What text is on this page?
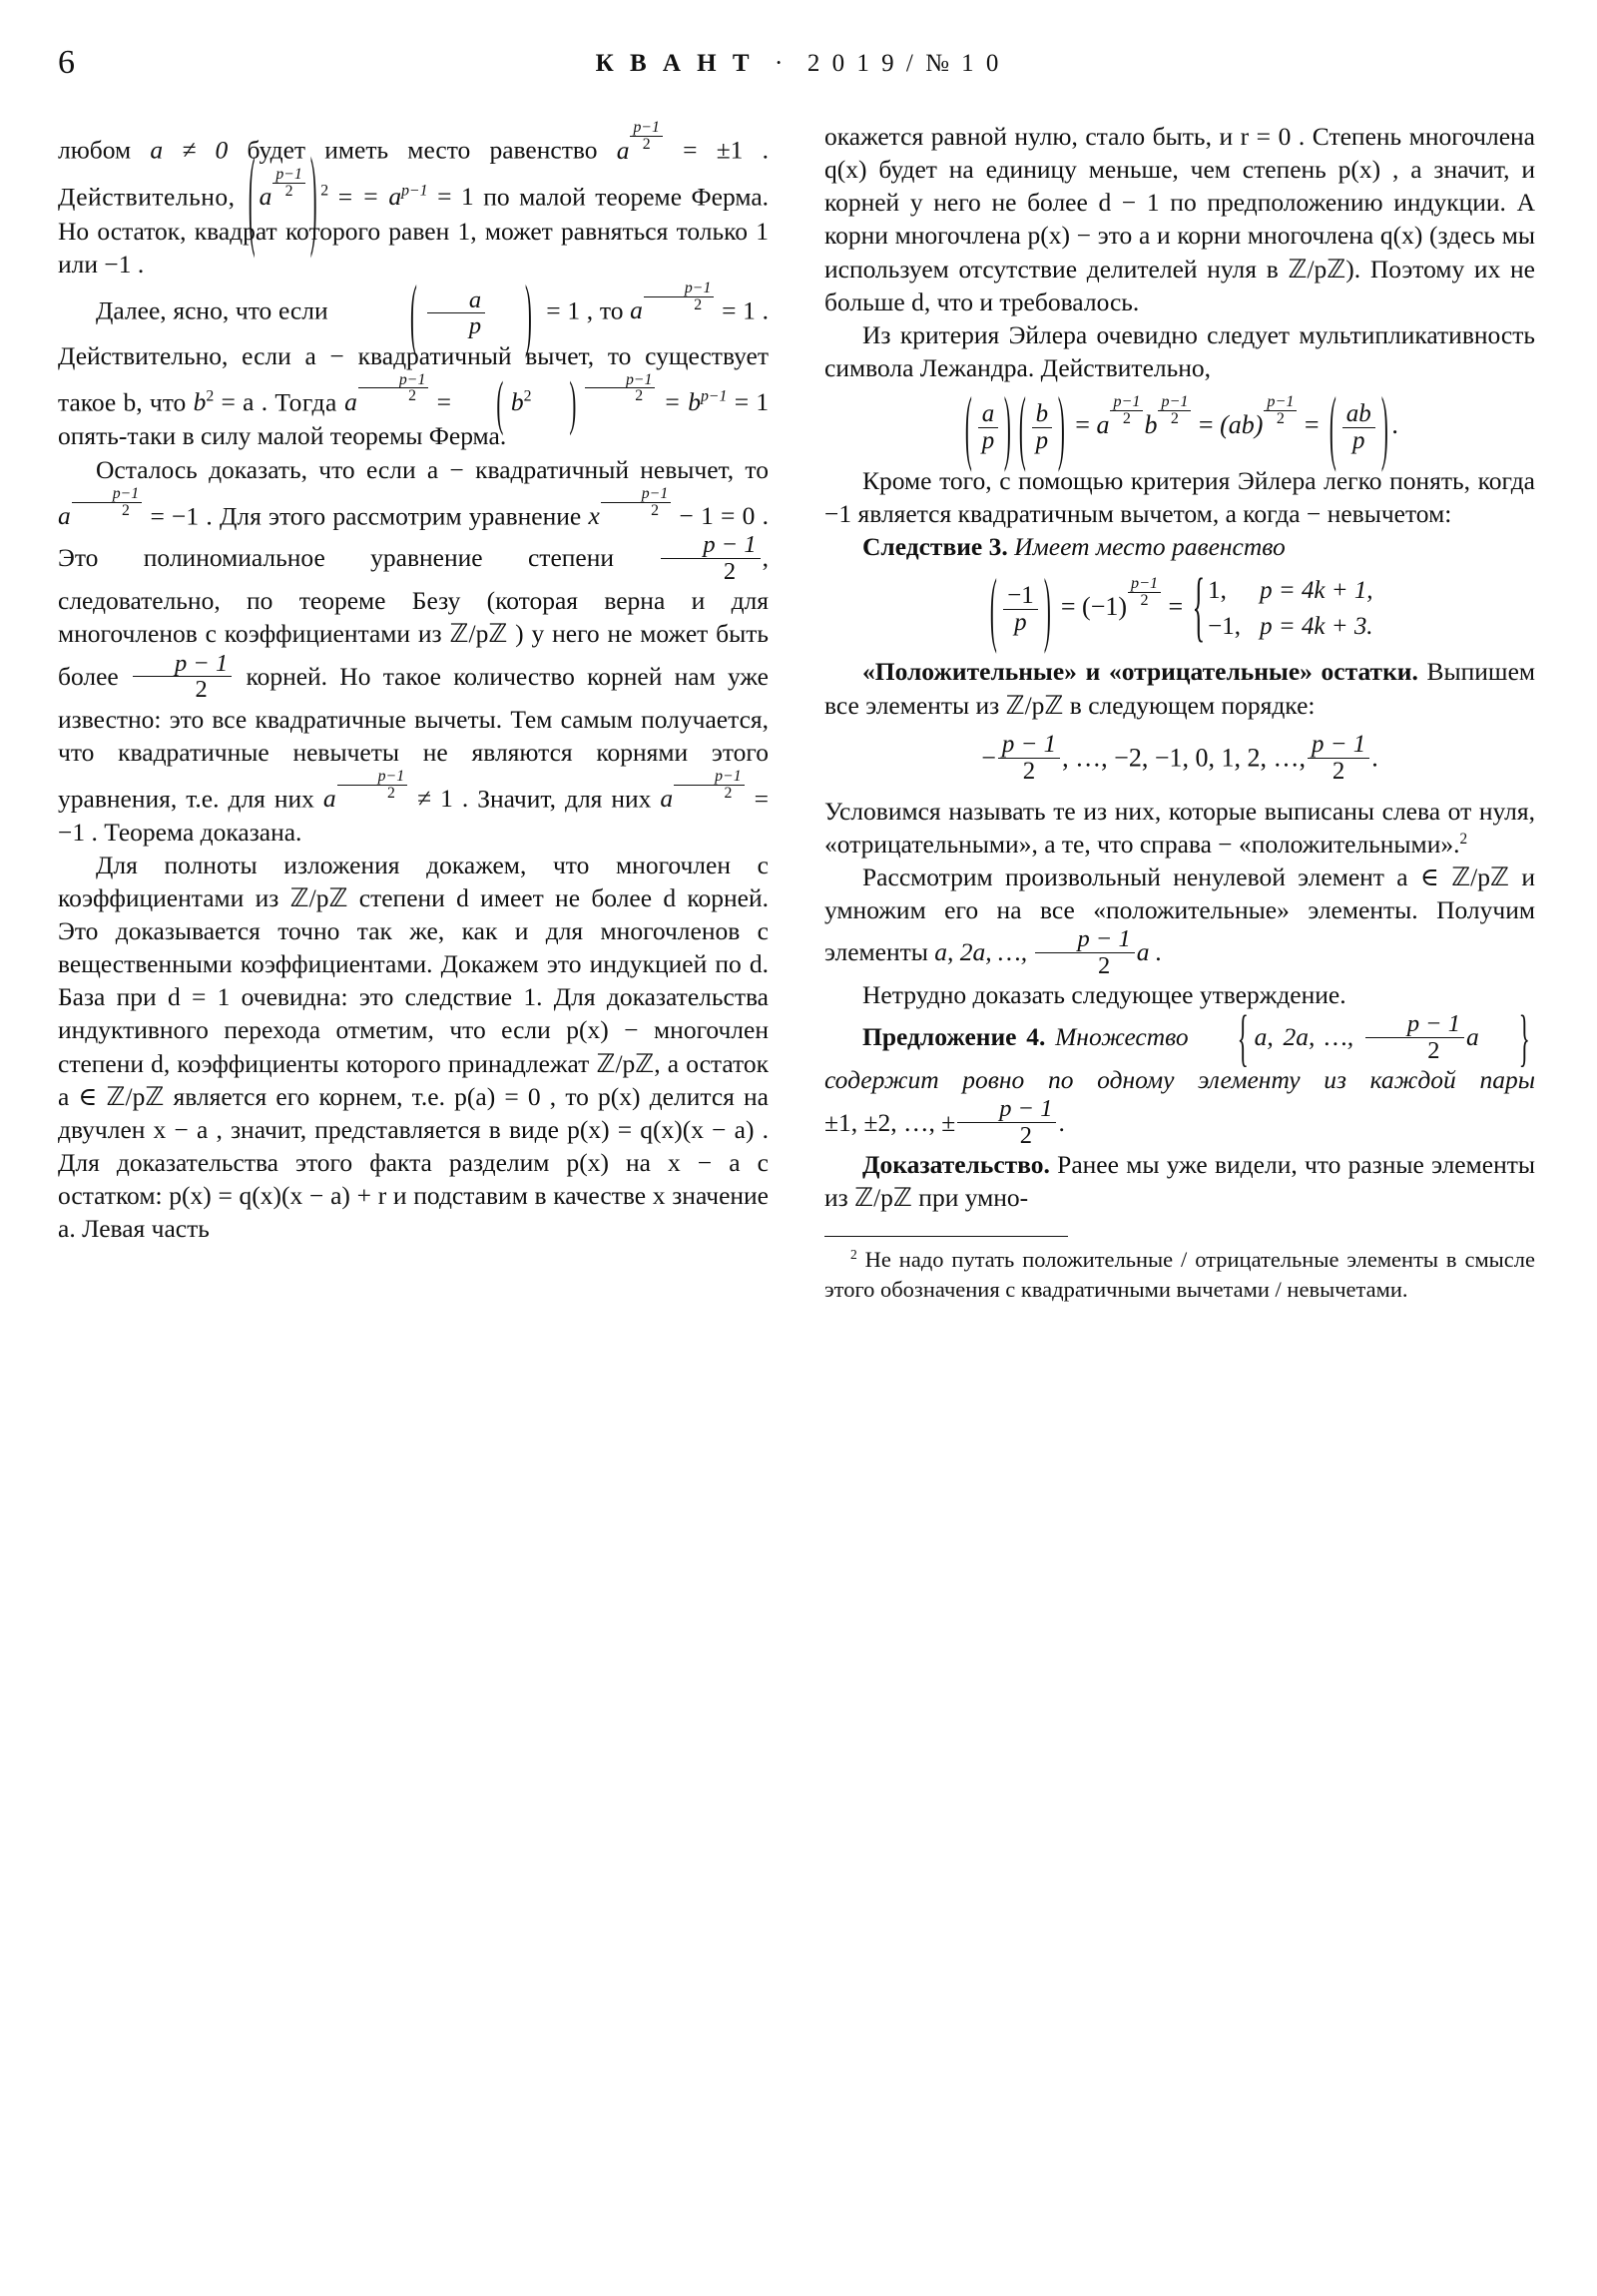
6	К В А Н Т · 2 0 1 9 / № 1 0

любом a ≠ 0 будет иметь место равенство a $\frac{p-1}{2} = \pm 1$ . Действительно, ( a $\frac{p-1}{2}$ ) $^2$ = = $a^{p-1} = 1$ по малой теореме Ферма. Но остаток, квадрат которого равен 1, может равняться только 1 или −1 .

Далее, ясно, что если	( $\frac{a}{p}$ ) = 1 , то a $\frac{p-1}{2} = 1$ . Действительно, если a − квадратичный вычет, то существует такое b, что $b^2 = a$ . Тогда a $\frac{p-1}{2}$ = ( $b^2$ ) $\frac{p-1}{2} = b^{p-1} = 1$ опять-таки в силу малой теоремы Ферма.

Осталось доказать, что если a − квадратичный невычет, то a $\frac{p-1}{2} = -1$ . Для этого рассмотрим уравнение x $\frac{p-1}{2} - 1 = 0$ . Это полиномиальное уравнение степени $\frac{p - 1}{2}$ , следовательно, по теореме Безу (которая верна и для многочленов с коэффициентами из ℤ/pℤ ) у него не может быть более $\frac{p - 1}{2}$ корней. Но такое количество корней нам уже известно: это все квадратичные вычеты. Тем самым получается, что квадратичные невычеты не являются корнями этого уравнения, т.е. для них a $\frac{p-1}{2} \ne 1$ . Значит, для них a $\frac{p-1}{2} = -1$ . Теорема доказана.

Для полноты изложения докажем, что многочлен с коэффициентами из ℤ/pℤ степени d имеет не более d корней. Это доказывается точно так же, как и для многочленов с вещественными коэффициентами. Докажем это индукцией по d. База при d = 1 очевидна: это следствие 1. Для доказательства индуктивного перехода отметим, что если p(x) − многочлен степени d, коэффициенты которого принадлежат ℤ/pℤ, а остаток a ∈ ℤ/pℤ является его корнем, т.е. p(a) = 0 , то p(x) делится на двучлен x − a , значит, представляется в виде p(x) = q(x)(x − a) . Для доказательства этого факта разделим p(x) на x − a с остатком: p(x) = q(x)(x − a) + r и подставим в качестве x значение a. Левая часть

окажется равной нулю, стало быть, и r = 0 . Степень многочлена q(x) будет на единицу меньше, чем степень p(x) , а значит, и корней у него не более d − 1 по предположению индукции. А корни многочлена p(x) − это a и корни многочлена q(x) (здесь мы используем отсутствие делителей нуля в ℤ/pℤ). Поэтому их не больше d, что и требовалось.

Из критерия Эйлера очевидно следует мультипликативность символа Лежандра. Действительно,

( $\frac{a}{p}$ ) ( $\frac{b}{p}$ ) = a $\frac{p-1}{2}$ b $\frac{p-1}{2} = (ab) \frac{p-1}{2}$ = ( $\frac{ab}{p}$ ) .

Кроме того, с помощью критерия Эйлера легко понять, когда −1 является квадратичным вычетом, а когда − невычетом:

Следствие 3. Имеет место равенство

( $\frac{-1}{p}$ ) = $(-1) \frac{p-1}{2}$ = { 1, p = 4k + 1,
−1, p = 4k + 3.

«Положительные» и «отрицательные» остатки. Выпишем все элементы из ℤ/pℤ в следующем порядке:

− $\frac{p - 1}{2}$ , …, −2, −1, 0, 1, 2, …, $\frac{p - 1}{2}$ .

Условимся называть те из них, которые выписаны слева от нуля, «отрицательными», а те, что справа − «положительными».$^2$

Рассмотрим произвольный ненулевой элемент a ∈ ℤ/pℤ и умножим его на все «положительные» элементы. Получим элементы a, 2a, …, $\frac{p - 1}{2}$ a .

Нетрудно доказать следующее утверждение.

Предложение 4. Множество { a, 2a, …, $\frac{p - 1}{2}$ a } содержит ровно по одному элементу из каждой пары ±1, ±2, …, ± $\frac{p - 1}{2}$ .

Доказательство. Ранее мы уже видели, что разные элементы из ℤ/pℤ при умно-

$^2$ Не надо путать положительные / отрицательные элементы в смысле этого обозначения с квадратичными вычетами / невычетами.
